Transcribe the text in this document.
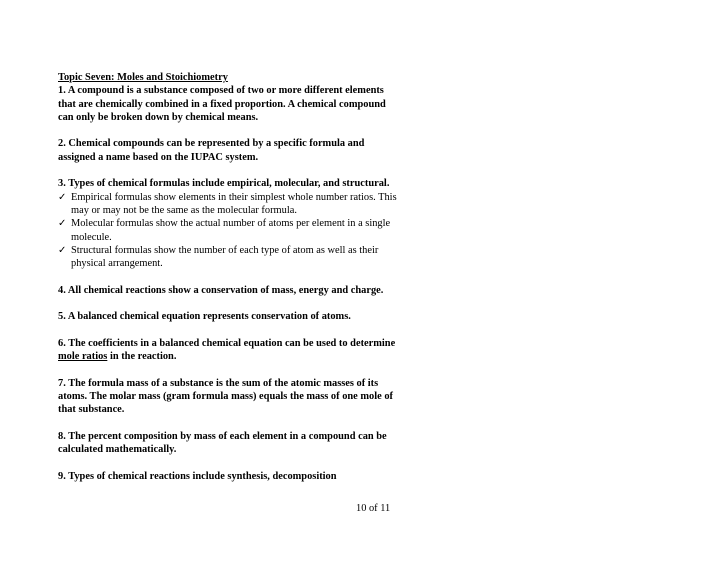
Topic Seven: Moles and Stoichiometry

1. A compound is a substance composed of two or more different elements that are chemically combined in a fixed proportion. A chemical compound can only be broken down by chemical means.

2. Chemical compounds can be represented by a specific formula and assigned a name based on the IUPAC system.

3. Types of chemical formulas include empirical, molecular, and structural.

✓ Empirical formulas show elements in their simplest whole number ratios. This may or may not be the same as the molecular formula.
✓ Molecular formulas show the actual number of atoms per element in a single molecule.
✓ Structural formulas show the number of each type of atom as well as their physical arrangement.

4. All chemical reactions show a conservation of mass, energy and charge.

5. A balanced chemical equation represents conservation of atoms.

6. The coefficients in a balanced chemical equation can be used to determine mole ratios in the reaction.

7. The formula mass of a substance is the sum of the atomic masses of its atoms. The molar mass (gram formula mass) equals the mass of one mole of that substance.

8. The percent composition by mass of each element in a compound can be calculated mathematically.

9. Types of chemical reactions include synthesis, decomposition

10 of 11
